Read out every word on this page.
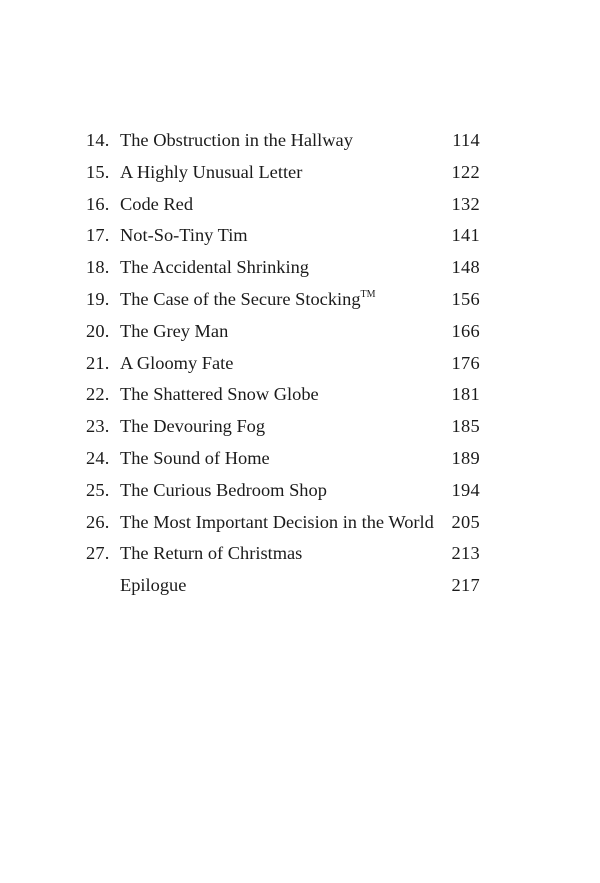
14. The Obstruction in the Hallway	114
15. A Highly Unusual Letter	122
16. Code Red	132
17. Not-So-Tiny Tim	141
18. The Accidental Shrinking	148
19. The Case of the Secure Stocking™	156
20. The Grey Man	166
21. A Gloomy Fate	176
22. The Shattered Snow Globe	181
23. The Devouring Fog	185
24. The Sound of Home	189
25. The Curious Bedroom Shop	194
26. The Most Important Decision in the World 205
27. The Return of Christmas	213
Epilogue	217
